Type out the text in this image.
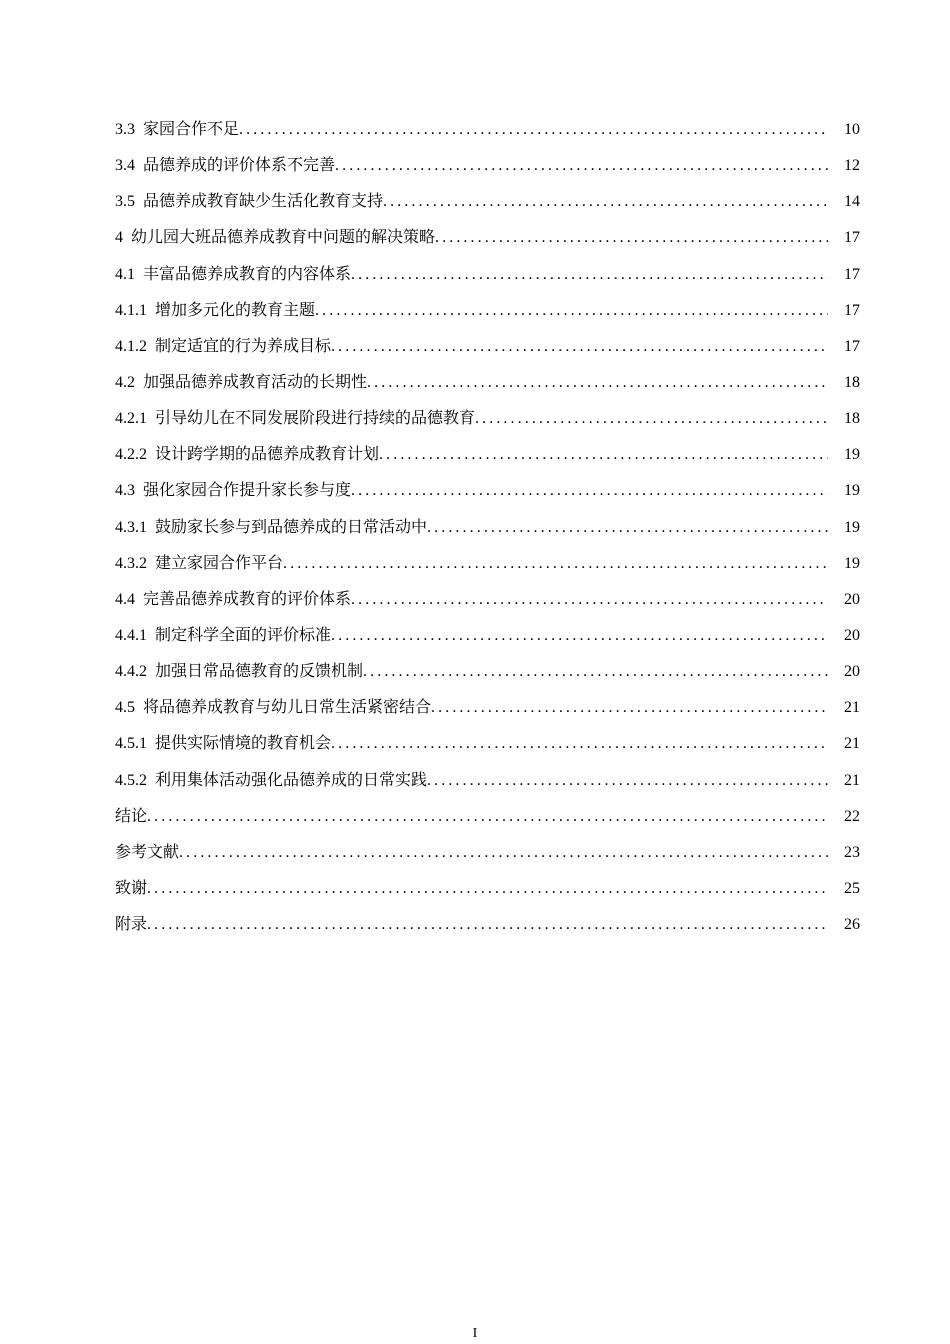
3.3  家园合作不足 .....	10
3.4  品德养成的评价体系不完善 .....	12
3.5  品德养成教育缺少生活化教育支持 .....	14
4  幼儿园大班品德养成教育中问题的解决策略 .....	17
4.1  丰富品德养成教育的内容体系 .....	17
4.1.1  增加多元化的教育主题 .....	17
4.1.2  制定适宜的行为养成目标 .....	17
4.2  加强品德养成教育活动的长期性 .....	18
4.2.1  引导幼儿在不同发展阶段进行持续的品德教育 .....	18
4.2.2  设计跨学期的品德养成教育计划 .....	19
4.3  强化家园合作提升家长参与度 .....	19
4.3.1  鼓励家长参与到品德养成的日常活动中 .....	19
4.3.2  建立家园合作平台 .....	19
4.4  完善品德养成教育的评价体系 .....	20
4.4.1  制定科学全面的评价标准 .....	20
4.4.2  加强日常品德教育的反馈机制 .....	20
4.5  将品德养成教育与幼儿日常生活紧密结合 .....	21
4.5.1  提供实际情境的教育机会 .....	21
4.5.2  利用集体活动强化品德养成的日常实践 .....	21
结论 .....	22
参考文献 .....	23
致谢 .....	25
附录 .....	26
I
